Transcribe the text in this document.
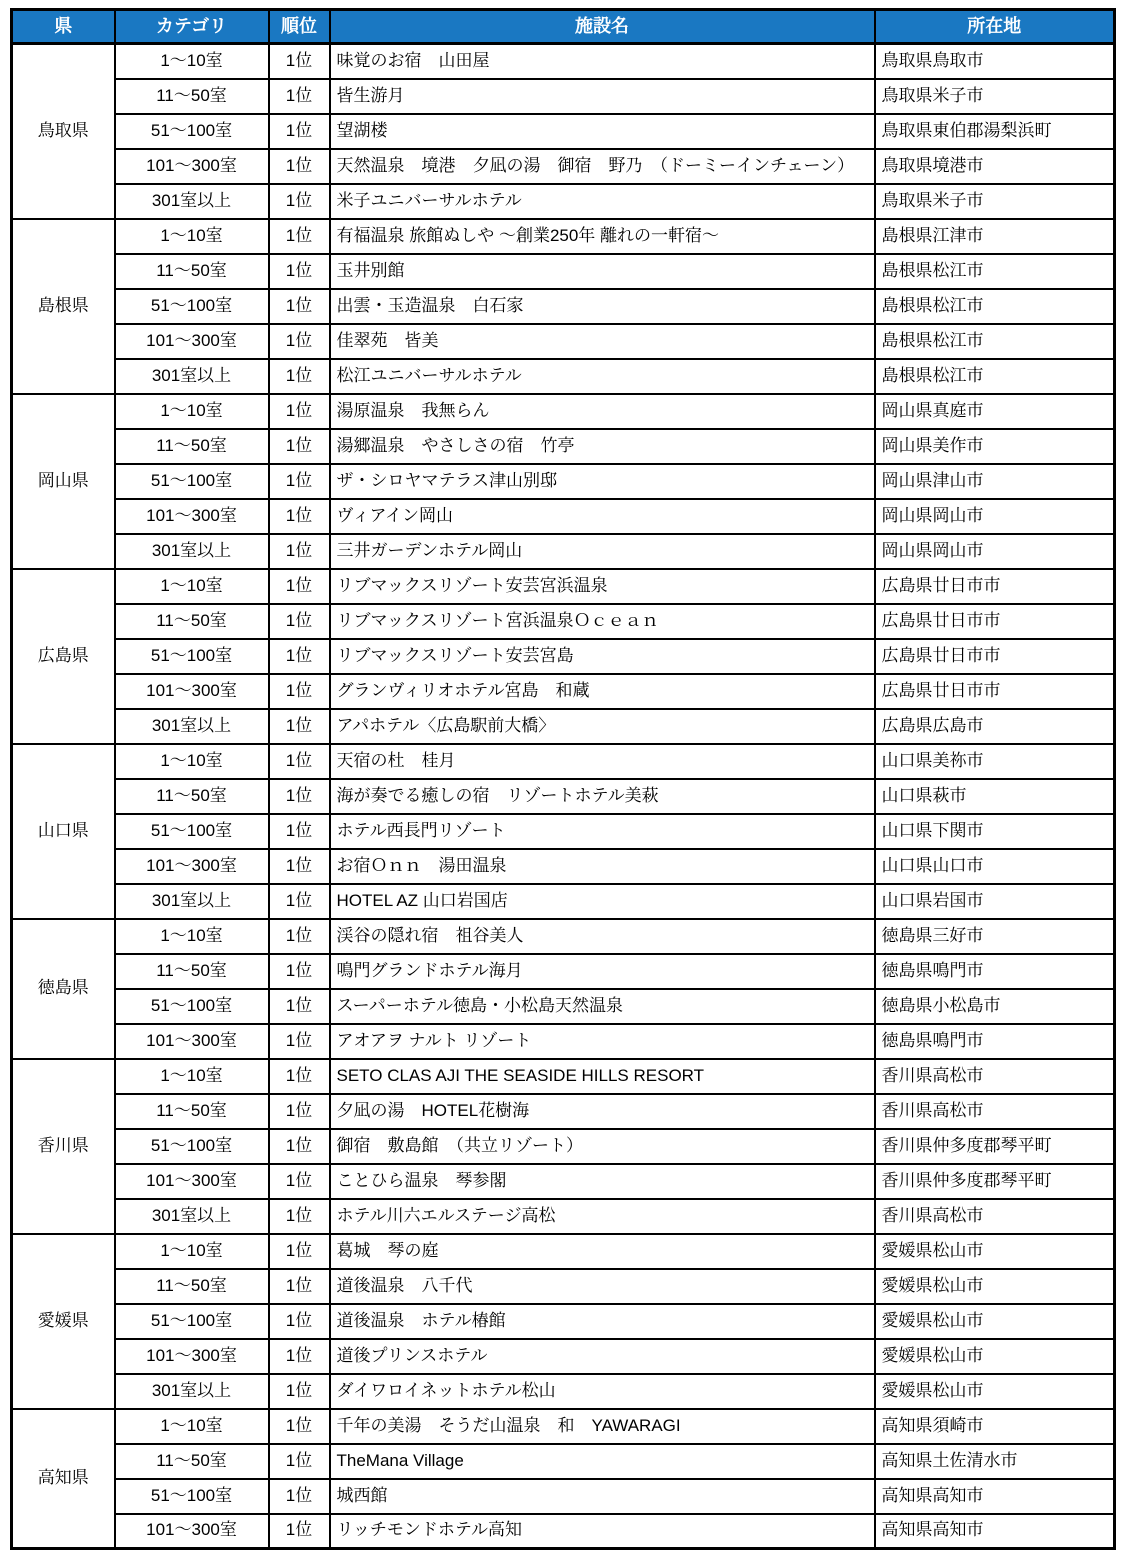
県	カテゴリ	順位	施設名	所在地
鳥取県	1～10室	1位	味覚のお宿　山田屋	鳥取県鳥取市
	11～50室	1位	皆生游月	鳥取県米子市
	51～100室	1位	望湖楼	鳥取県東伯郡湯梨浜町
	101～300室	1位	天然温泉　境港　夕凪の湯　御宿　野乃　（ドーミーインチェーン）	鳥取県境港市
	301室以上	1位	米子ユニバーサルホテル	鳥取県米子市
島根県	1～10室	1位	有福温泉 旅館ぬしや ～創業250年 離れの一軒宿～	島根県江津市
	11～50室	1位	玉井別館	島根県松江市
	51～100室	1位	出雲・玉造温泉　白石家	島根県松江市
	101～300室	1位	佳翠苑　皆美	島根県松江市
	301室以上	1位	松江ユニバーサルホテル	島根県松江市
岡山県	1～10室	1位	湯原温泉　我無らん	岡山県真庭市
	11～50室	1位	湯郷温泉　やさしさの宿　竹亭	岡山県美作市
	51～100室	1位	ザ・シロヤマテラス津山別邸	岡山県津山市
	101～300室	1位	ヴィアイン岡山	岡山県岡山市
	301室以上	1位	三井ガーデンホテル岡山	岡山県岡山市
広島県	1～10室	1位	リブマックスリゾート安芸宮浜温泉	広島県廿日市市
	11～50室	1位	リブマックスリゾート宮浜温泉Ｏｃｅａｎ	広島県廿日市市
	51～100室	1位	リブマックスリゾート安芸宮島	広島県廿日市市
	101～300室	1位	グランヴィリオホテル宮島　和蔵	広島県廿日市市
	301室以上	1位	アパホテル〈広島駅前大橋〉	広島県広島市
山口県	1～10室	1位	天宿の杜　桂月	山口県美祢市
	11～50室	1位	海が奏でる癒しの宿　リゾートホテル美萩	山口県萩市
	51～100室	1位	ホテル西長門リゾート	山口県下関市
	101～300室	1位	お宿Ｏｎｎ　湯田温泉	山口県山口市
	301室以上	1位	HOTEL AZ 山口岩国店	山口県岩国市
徳島県	1～10室	1位	渓谷の隠れ宿　祖谷美人	徳島県三好市
	11～50室	1位	鳴門グランドホテル海月	徳島県鳴門市
	51～100室	1位	スーパーホテル徳島・小松島天然温泉	徳島県小松島市
	101～300室	1位	アオアヲ ナルト リゾート	徳島県鳴門市
香川県	1～10室	1位	SETO CLAS AJI THE SEASIDE HILLS RESORT	香川県高松市
	11～50室	1位	夕凪の湯　HOTEL花樹海	香川県高松市
	51～100室	1位	御宿　敷島館　（共立リゾート）	香川県仲多度郡琴平町
	101～300室	1位	ことひら温泉　琴参閣	香川県仲多度郡琴平町
	301室以上	1位	ホテル川六エルステージ高松	香川県高松市
愛媛県	1～10室	1位	葛城　琴の庭	愛媛県松山市
	11～50室	1位	道後温泉　八千代	愛媛県松山市
	51～100室	1位	道後温泉　ホテル椿館	愛媛県松山市
	101～300室	1位	道後プリンスホテル	愛媛県松山市
	301室以上	1位	ダイワロイネットホテル松山	愛媛県松山市
高知県	1～10室	1位	千年の美湯　そうだ山温泉　和　YAWARAGI	高知県須崎市
	11～50室	1位	TheMana Village	高知県土佐清水市
	51～100室	1位	城西館	高知県高知市
	101～300室	1位	リッチモンドホテル高知	高知県高知市
